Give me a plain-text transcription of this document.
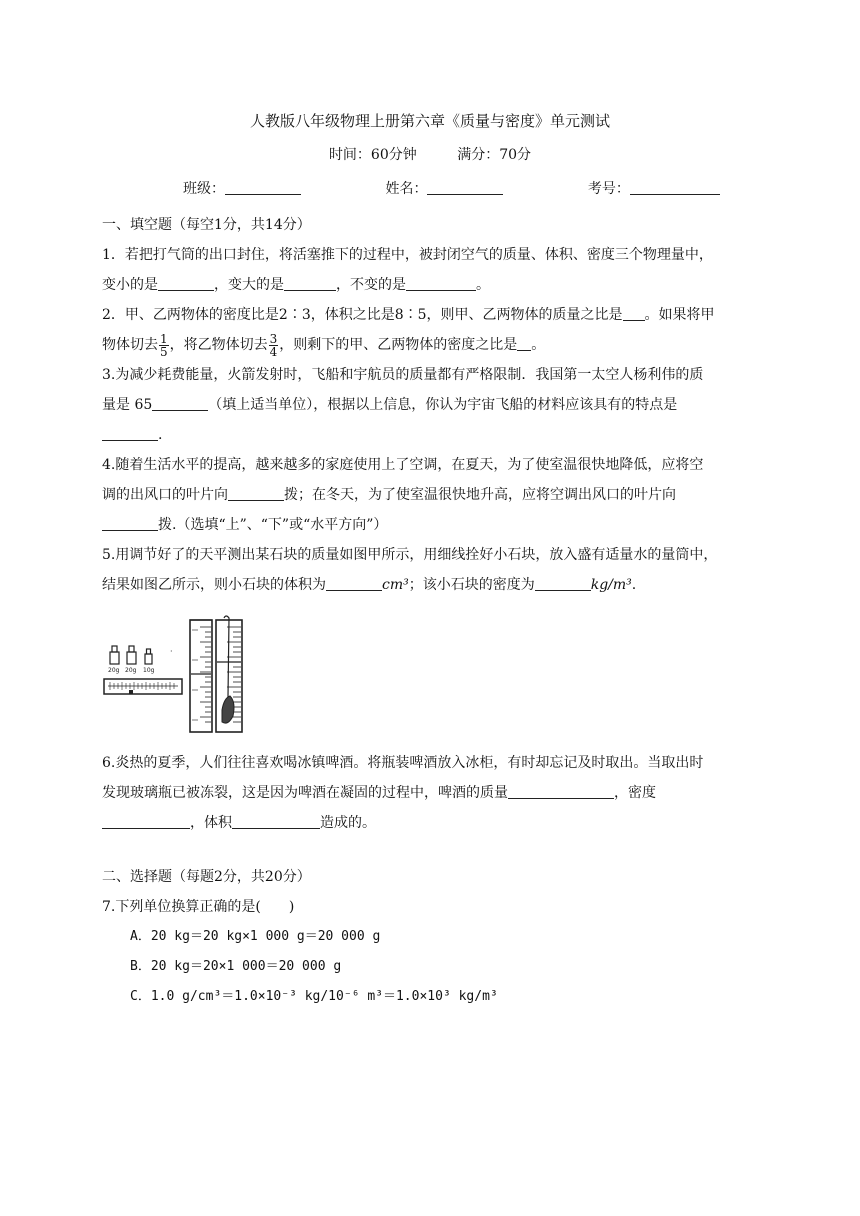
人教版八年级物理上册第六章《质量与密度》单元测试
时间：60分钟	满分：70分
班级：	姓名：	考号：

一、填空题（每空1分，共14分）

1．若把打气筒的出口封住，将活塞推下的过程中，被封闭空气的质量、体积、密度三个物理量中，

变小的是	，变大的是	，不变的是	。

2．甲、乙两物体的密度比是2∶3，体积之比是8∶5，则甲、乙两物体的质量之比是 。如果将甲

物体切去 $\frac{1}{5}$ ，将乙物体切去 $\frac{3}{4}$ ，则剩下的甲、乙两物体的密度之比是 。

3.为减少耗费能量，火箭发射时，飞船和宇航员的质量都有严格限制．我国第一太空人杨利伟的质

量是 65	（填上适当单位），根据以上信息，你认为宇宙飞船的材料应该具有的特点是

.

4.随着生活水平的提高，越来越多的家庭使用上了空调，在夏天，为了使室温很快地降低，应将空

调的出风口的叶片向	拨；在冬天，为了使室温很快地升高，应将空调出风口的叶片向

拨.（选填“上”、“下”或“水平方向”）

5.用调节好了的天平测出某石块的质量如图甲所示，用细线拴好小石块，放入盛有适量水的量筒中，

结果如图乙所示，则小石块的体积为	cm³；该小石块的密度为	kg/m³.

20g 20g 10g
·

6.炎热的夏季，人们往往喜欢喝冰镇啤酒。将瓶装啤酒放入冰柜，有时却忘记及时取出。当取出时

发现玻璃瓶已被冻裂，这是因为啤酒在凝固的过程中，啤酒的质量	，密度

，体积	造成的。

二、选择题（每题2分，共20分）

7.下列单位换算正确的是(　　)

A．20 kg＝20 kg×1 000 g＝20 000 g

B．20 kg＝20×1 000＝20 000 g

C．1.0 g/cm³＝1.0×10⁻³ kg/10⁻⁶ m³＝1.0×10³ kg/m³
